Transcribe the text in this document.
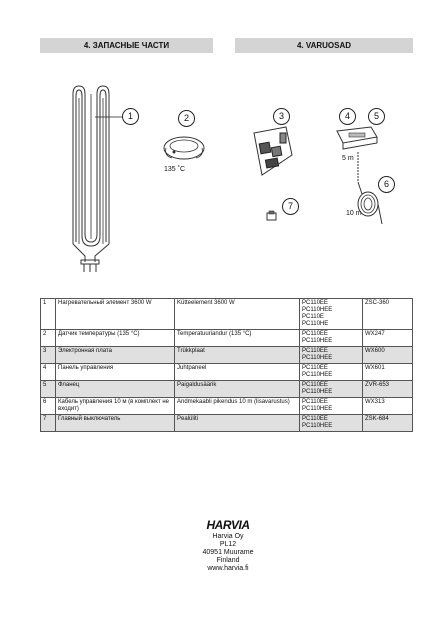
4. ЗАПАСНЫЕ ЧАСТИ	4. VARUOSAD
1	2
135 ˚C
3	4	5
5 m
6
10 m
7
1	Нагревательный элемент 3600 W	Kütteelement 3600 W	PC110EE
PC110HEE
PC110E
PC110HE	ZSC-360
2	Датчик температуры (135 °C)	Temperatuuriandur (135 °C)	PC110EE
PC110HEE	WX247
3	Электронная плата	Trükkplaat	PC110EE
PC110HEE	WX600
4	Панель управления	Juhtpaneel	PC110EE
PC110HEE	WX601
5	Фланец	Paigaldusäärik	PC110EE
PC110HEE	ZVR-653
6	Кабель управления 10 м (в комплект не входит)	Andmekaabli pikendus 10 m (lisavarustus)	PC110EE
PC110HEE	WX313
7	Главный выключатель	Pealüliti	PC110EE
PC110HEE	ZSK-684
HARVIA
Harvia Oy
PL12
40951 Muurame
Finland
www.harvia.fi
